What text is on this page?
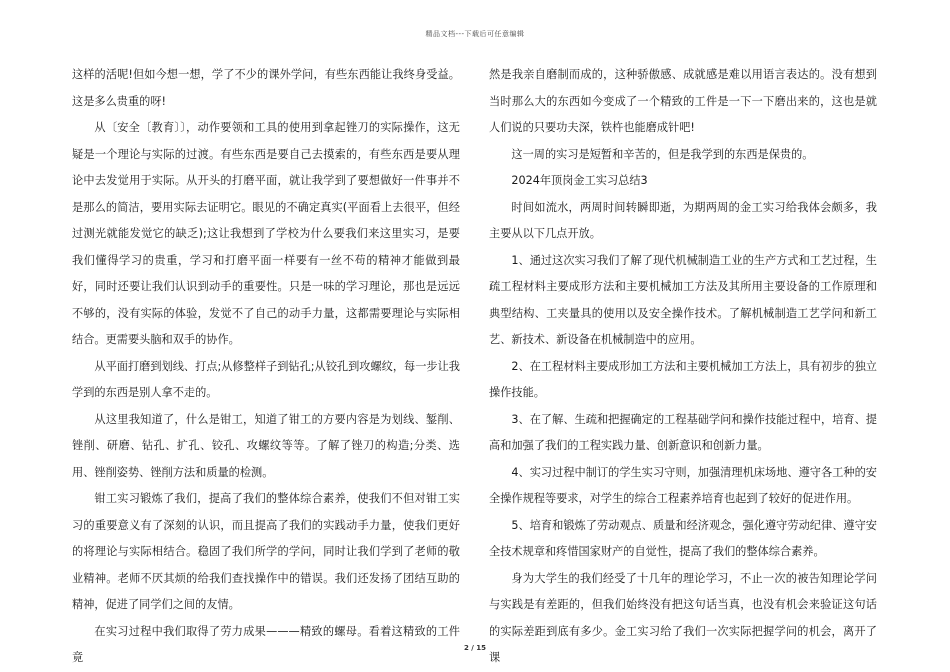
精品文档---下载后可任意编辑

这样的活呢!但如今想一想，学了不少的课外学问，有些东西能让我终身受益。这是多么贵重的呀!

从〔安全〔教育〕〕，动作要领和工具的使用到拿起锉刀的实际操作，这无疑是一个理论与实际的过渡。有些东西是要自己去摸索的，有些东西是要从理论中去发觉用于实际。从开头的打磨平面，就让我学到了要想做好一件事并不是那么的简洁，要用实际去证明它。眼见的不确定真实(平面看上去很平，但经过测光就能发觉它的缺乏);这让我想到了学校为什么要我们来这里实习，是要我们懂得学习的贵重，学习和打磨平面一样要有一丝不苟的精神才能做到最好，同时还要让我们认识到动手的重要性。只是一味的学习理论，那也是远远不够的，没有实际的体验，发觉不了自己的动手力量，这都需要理论与实际相结合。更需要头脑和双手的协作。

从平面打磨到划线、打点;从修整样子到钻孔;从铰孔到攻螺纹，每一步让我学到的东西是别人拿不走的。

从这里我知道了，什么是钳工，知道了钳工的方要内容是为划线、錾削、锉削、研磨、钻孔、扩孔、铰孔、攻螺纹等等。了解了锉刀的构造;分类、选用、锉削姿势、锉削方法和质量的检测。

钳工实习锻炼了我们，提高了我们的整体综合素养，使我们不但对钳工实习的重要意义有了深刻的认识，而且提高了我们的实践动手力量，使我们更好的将理论与实际相结合。稳固了我们所学的学问，同时让我们学到了老师的敬业精神。老师不厌其烦的给我们查找操作中的错误。我们还发扬了团结互助的精神，促进了同学们之间的友情。

在实习过程中我们取得了劳力成果———精致的螺母。看着这精致的工件竟

然是我亲自磨制而成的，这种骄傲感、成就感是难以用语言表达的。没有想到当时那么大的东西如今变成了一个精致的工件是一下一下磨出来的，这也是就人们说的只要功夫深，铁杵也能磨成针吧!

这一周的实习是短暂和辛苦的，但是我学到的东西是保贵的。

2024年顶岗金工实习总结3

时间如流水，两周时间转瞬即逝，为期两周的金工实习给我体会颇多，我主要从以下几点开放。

1、通过这次实习我们了解了现代机械制造工业的生产方式和工艺过程，生疏工程材料主要成形方法和主要机械加工方法及其所用主要设备的工作原理和典型结构、工夹量具的使用以及安全操作技术。了解机械制造工艺学问和新工艺、新技术、新设备在机械制造中的应用。

2、在工程材料主要成形加工方法和主要机械加工方法上，具有初步的独立操作技能。

3、在了解、生疏和把握确定的工程基础学问和操作技能过程中，培育、提高和加强了我们的工程实践力量、创新意识和创新力量。

4、实习过程中制订的学生实习守则，加强清理机床场地、遵守各工种的安全操作规程等要求，对学生的综合工程素养培育也起到了较好的促进作用。

5、培育和锻炼了劳动观点、质量和经济观念，强化遵守劳动纪律、遵守安全技术规章和疼惜国家财产的自觉性，提高了我们的整体综合素养。

身为大学生的我们经受了十几年的理论学习，不止一次的被告知理论学问与实践是有差距的，但我们始终没有把这句话当真，也没有机会来验证这句话的实际差距到底有多少。金工实习给了我们一次实际把握学问的机会，离开了课

2 / 15
